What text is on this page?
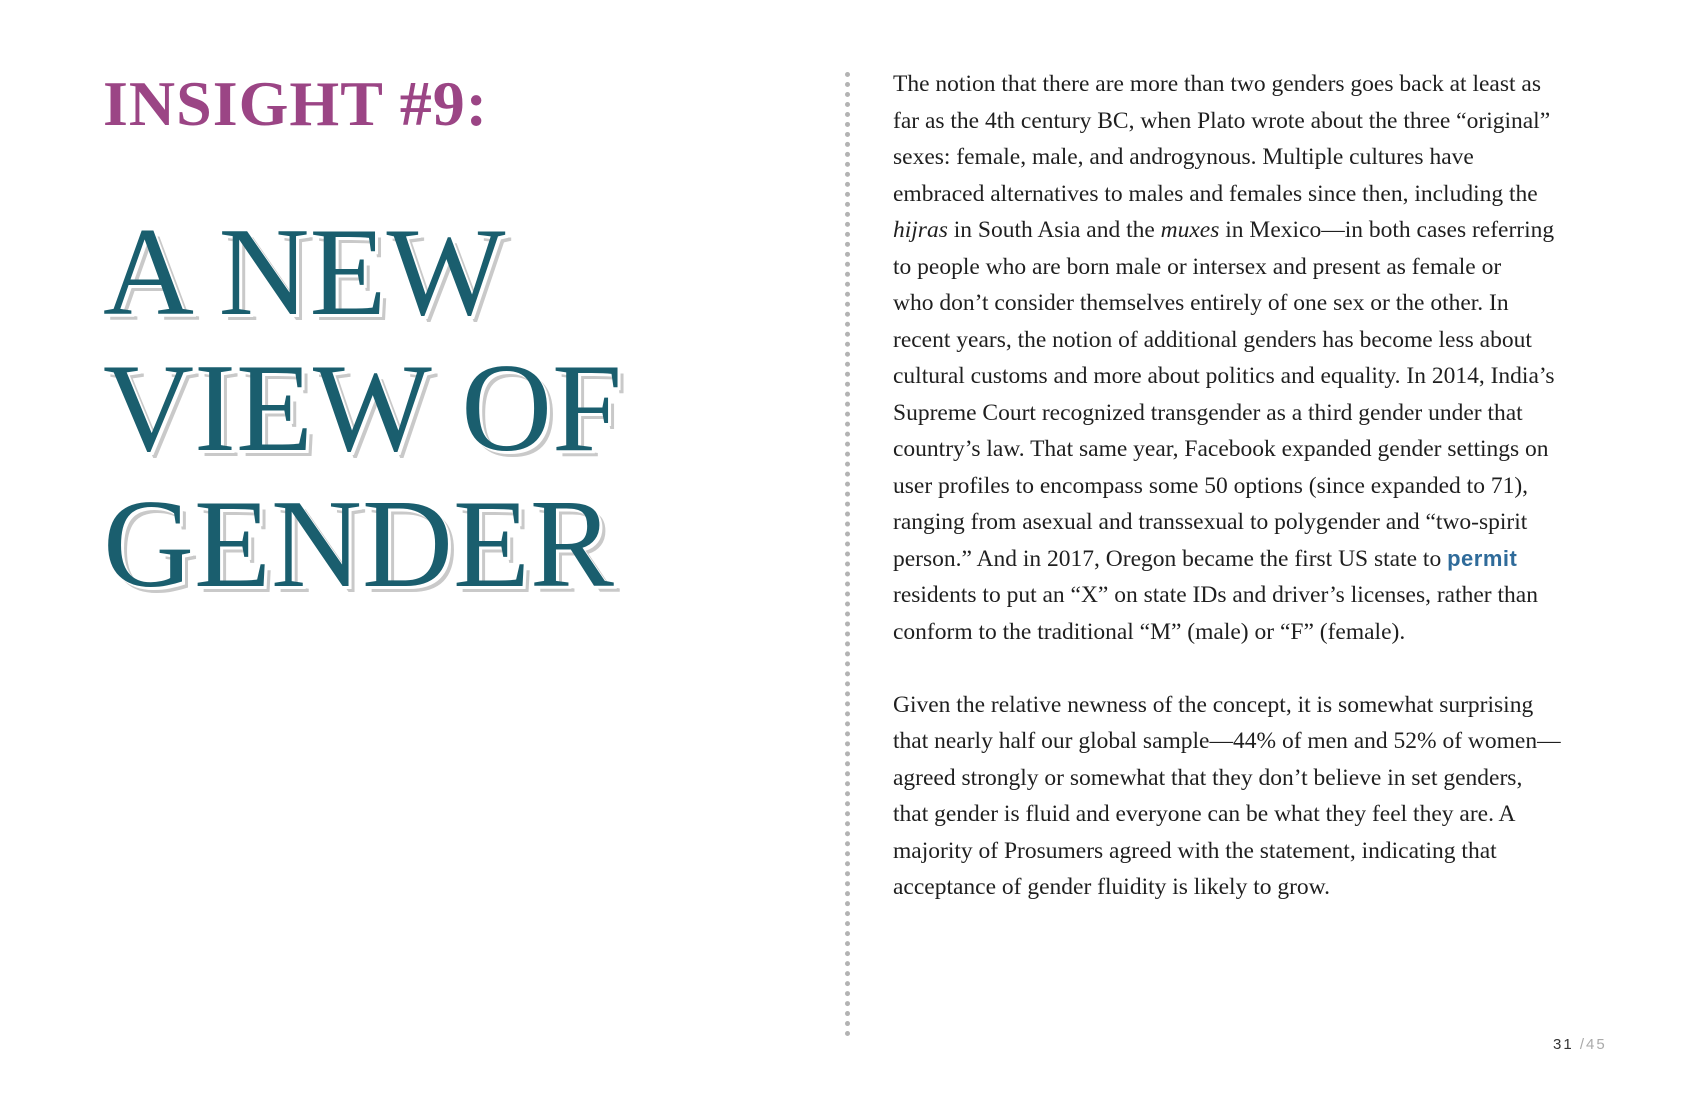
INSIGHT #9:
A NEW
VIEW OF
GENDER

The notion that there are more than two genders goes back at least as
far as the 4th century BC, when Plato wrote about the three “original”
sexes: female, male, and androgynous. Multiple cultures have
embraced alternatives to males and females since then, including the
hijras in South Asia and the muxes in Mexico—in both cases referring
to people who are born male or intersex and present as female or
who don’t consider themselves entirely of one sex or the other. In
recent years, the notion of additional genders has become less about
cultural customs and more about politics and equality. In 2014, India’s
Supreme Court recognized transgender as a third gender under that
country’s law. That same year, Facebook expanded gender settings on
user profiles to encompass some 50 options (since expanded to 71),
ranging from asexual and transsexual to polygender and “two-spirit
person.” And in 2017, Oregon became the first US state to permit
residents to put an “X” on state IDs and driver’s licenses, rather than
conform to the traditional “M” (male) or “F” (female).

Given the relative newness of the concept, it is somewhat surprising
that nearly half our global sample—44% of men and 52% of women—
agreed strongly or somewhat that they don’t believe in set genders,
that gender is fluid and everyone can be what they feel they are. A
majority of Prosumers agreed with the statement, indicating that
acceptance of gender fluidity is likely to grow.

31 /45
